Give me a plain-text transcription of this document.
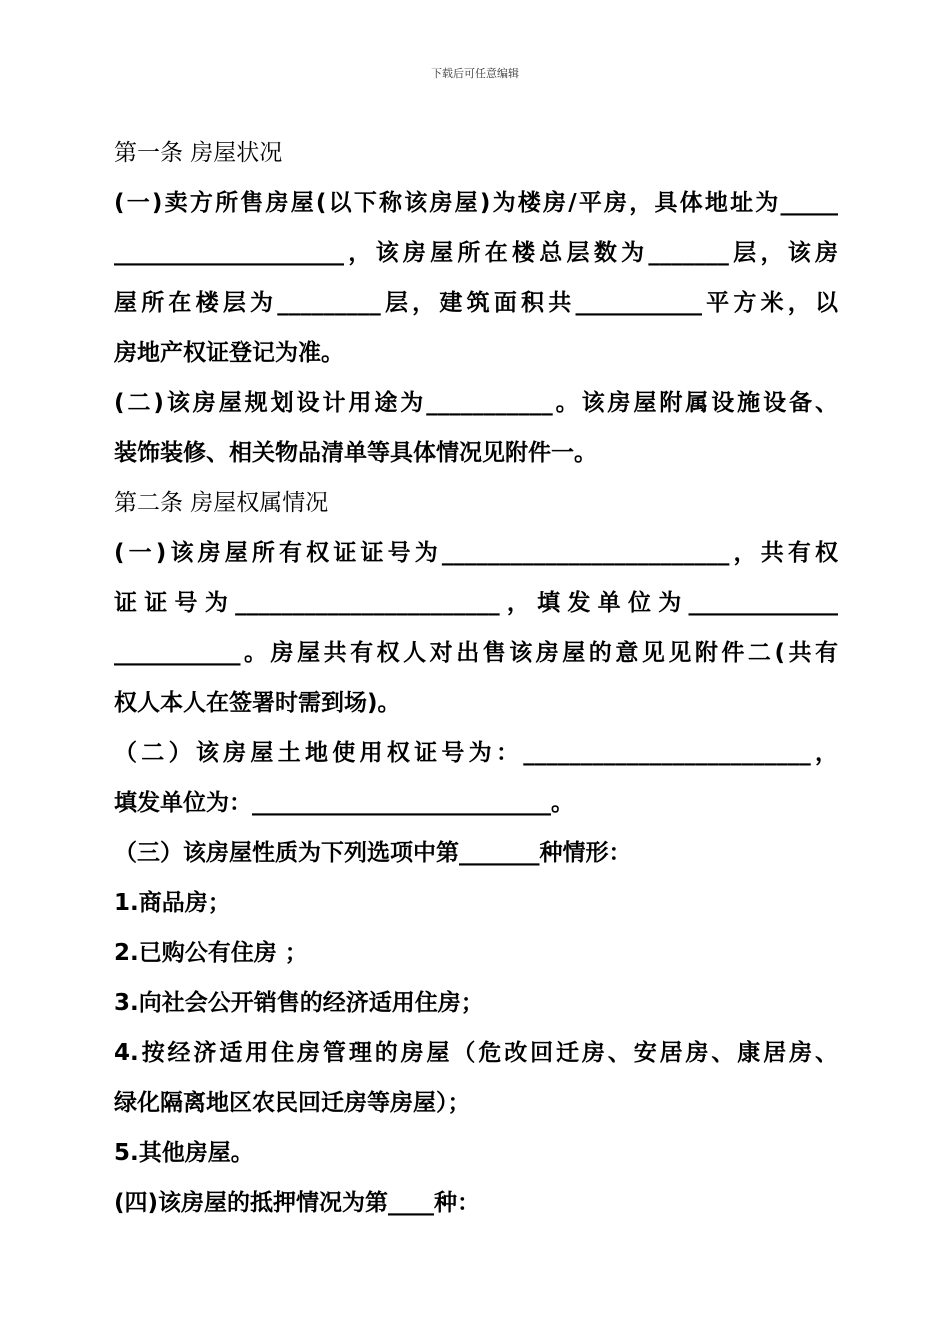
下载后可任意编辑
第一条 房屋状况
(一)卖方所售房屋(以下称该房屋)为楼房/平房，具体地址为_____
____________________，该房屋所在楼总层数为_______层，该房
屋所在楼层为_________层，建筑面积共___________平方米，以
房地产权证登记为准。
(二)该房屋规划设计用途为___________。该房屋附属设施设备、
装饰装修、相关物品清单等具体情况见附件一。
第二条 房屋权属情况
(一)该房屋所有权证证号为_________________________，共有权
证证号为_______________________，填发单位为_____________
___________。房屋共有权人对出售该房屋的意见见附件二(共有
权人本人在签署时需到场)。
（二）该房屋土地使用权证号为：_________________________，
填发单位为：__________________________。
（三）该房屋性质为下列选项中第_______种情形：
1.商品房；
2.已购公有住房 ；
3.向社会公开销售的经济适用住房；
4.按经济适用住房管理的房屋（危改回迁房、安居房、康居房、
绿化隔离地区农民回迁房等房屋）；
5.其他房屋。
(四)该房屋的抵押情况为第____种：
